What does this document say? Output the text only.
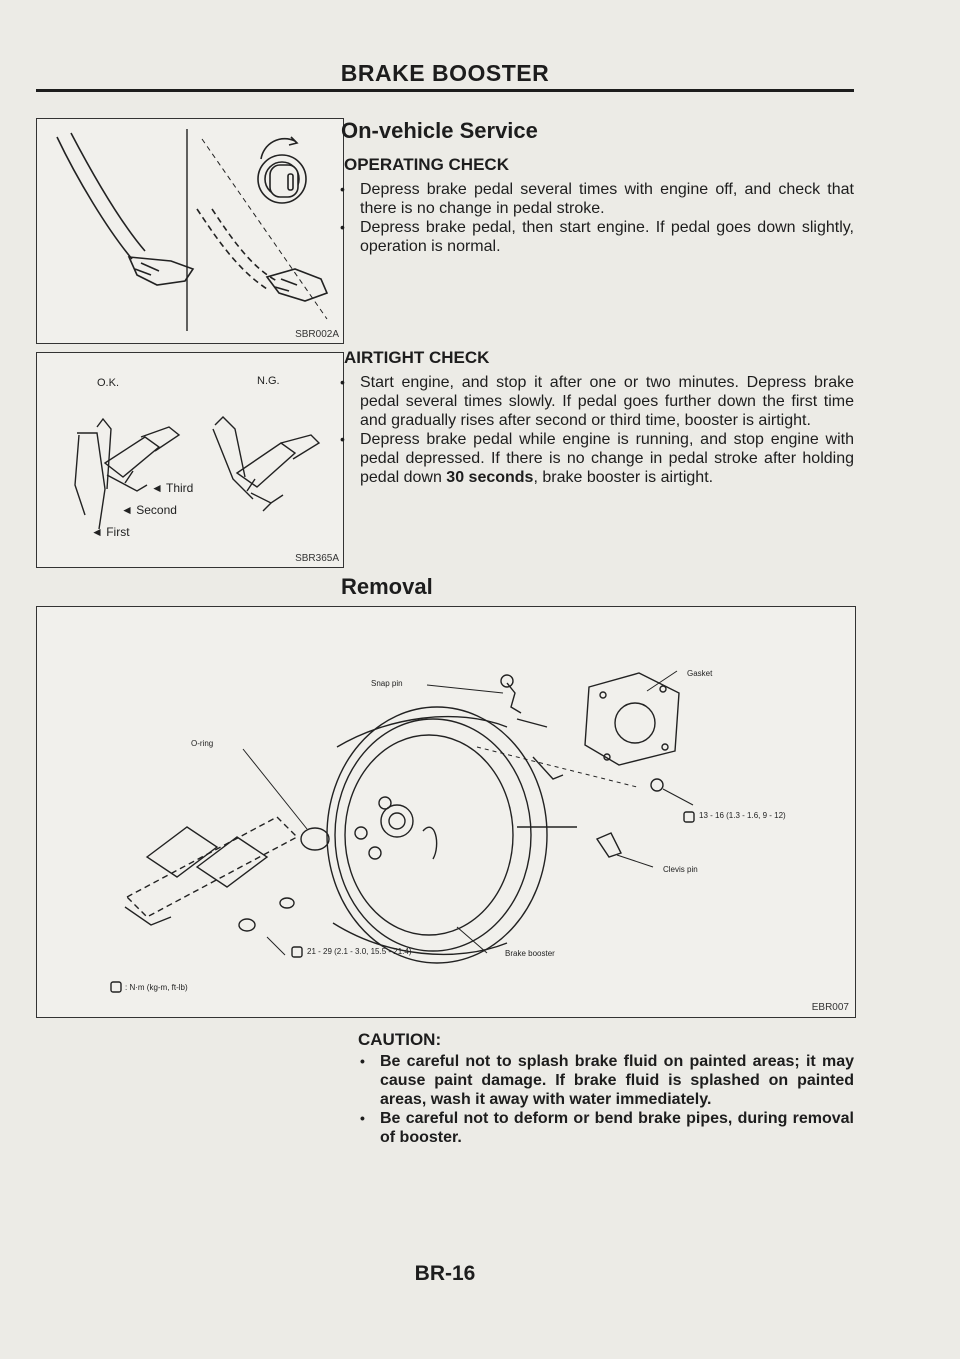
BRAKE BOOSTER
SBR002A
O.K.	N.G.
◄ Third
◄ Second
◄ First
SBR365A
On-vehicle Service
OPERATING CHECK
• Depress brake pedal several times with engine off, and check that there is no change in pedal stroke.
• Depress brake pedal, then start engine. If pedal goes down slightly, operation is normal.
AIRTIGHT CHECK
• Start engine, and stop it after one or two minutes. Depress brake pedal several times slowly. If pedal goes further down the first time and gradually rises after second or third time, booster is airtight.
• Depress brake pedal while engine is running, and stop engine with pedal depressed. If there is no change in pedal stroke after holding pedal down 30 seconds, brake booster is airtight.
Removal
Snap pin
Gasket
O-ring
13 - 16 (1.3 - 1.6, 9 - 12)
Clevis pin
21 - 29 (2.1 - 3.0, 15.5 - 21.4)	Brake booster
: N·m (kg-m, ft-lb)
EBR007
CAUTION:
• Be careful not to splash brake fluid on painted areas; it may cause paint damage. If brake fluid is splashed on painted areas, wash it away with water immediately.
• Be careful not to deform or bend brake pipes, during removal of booster.
BR-16
